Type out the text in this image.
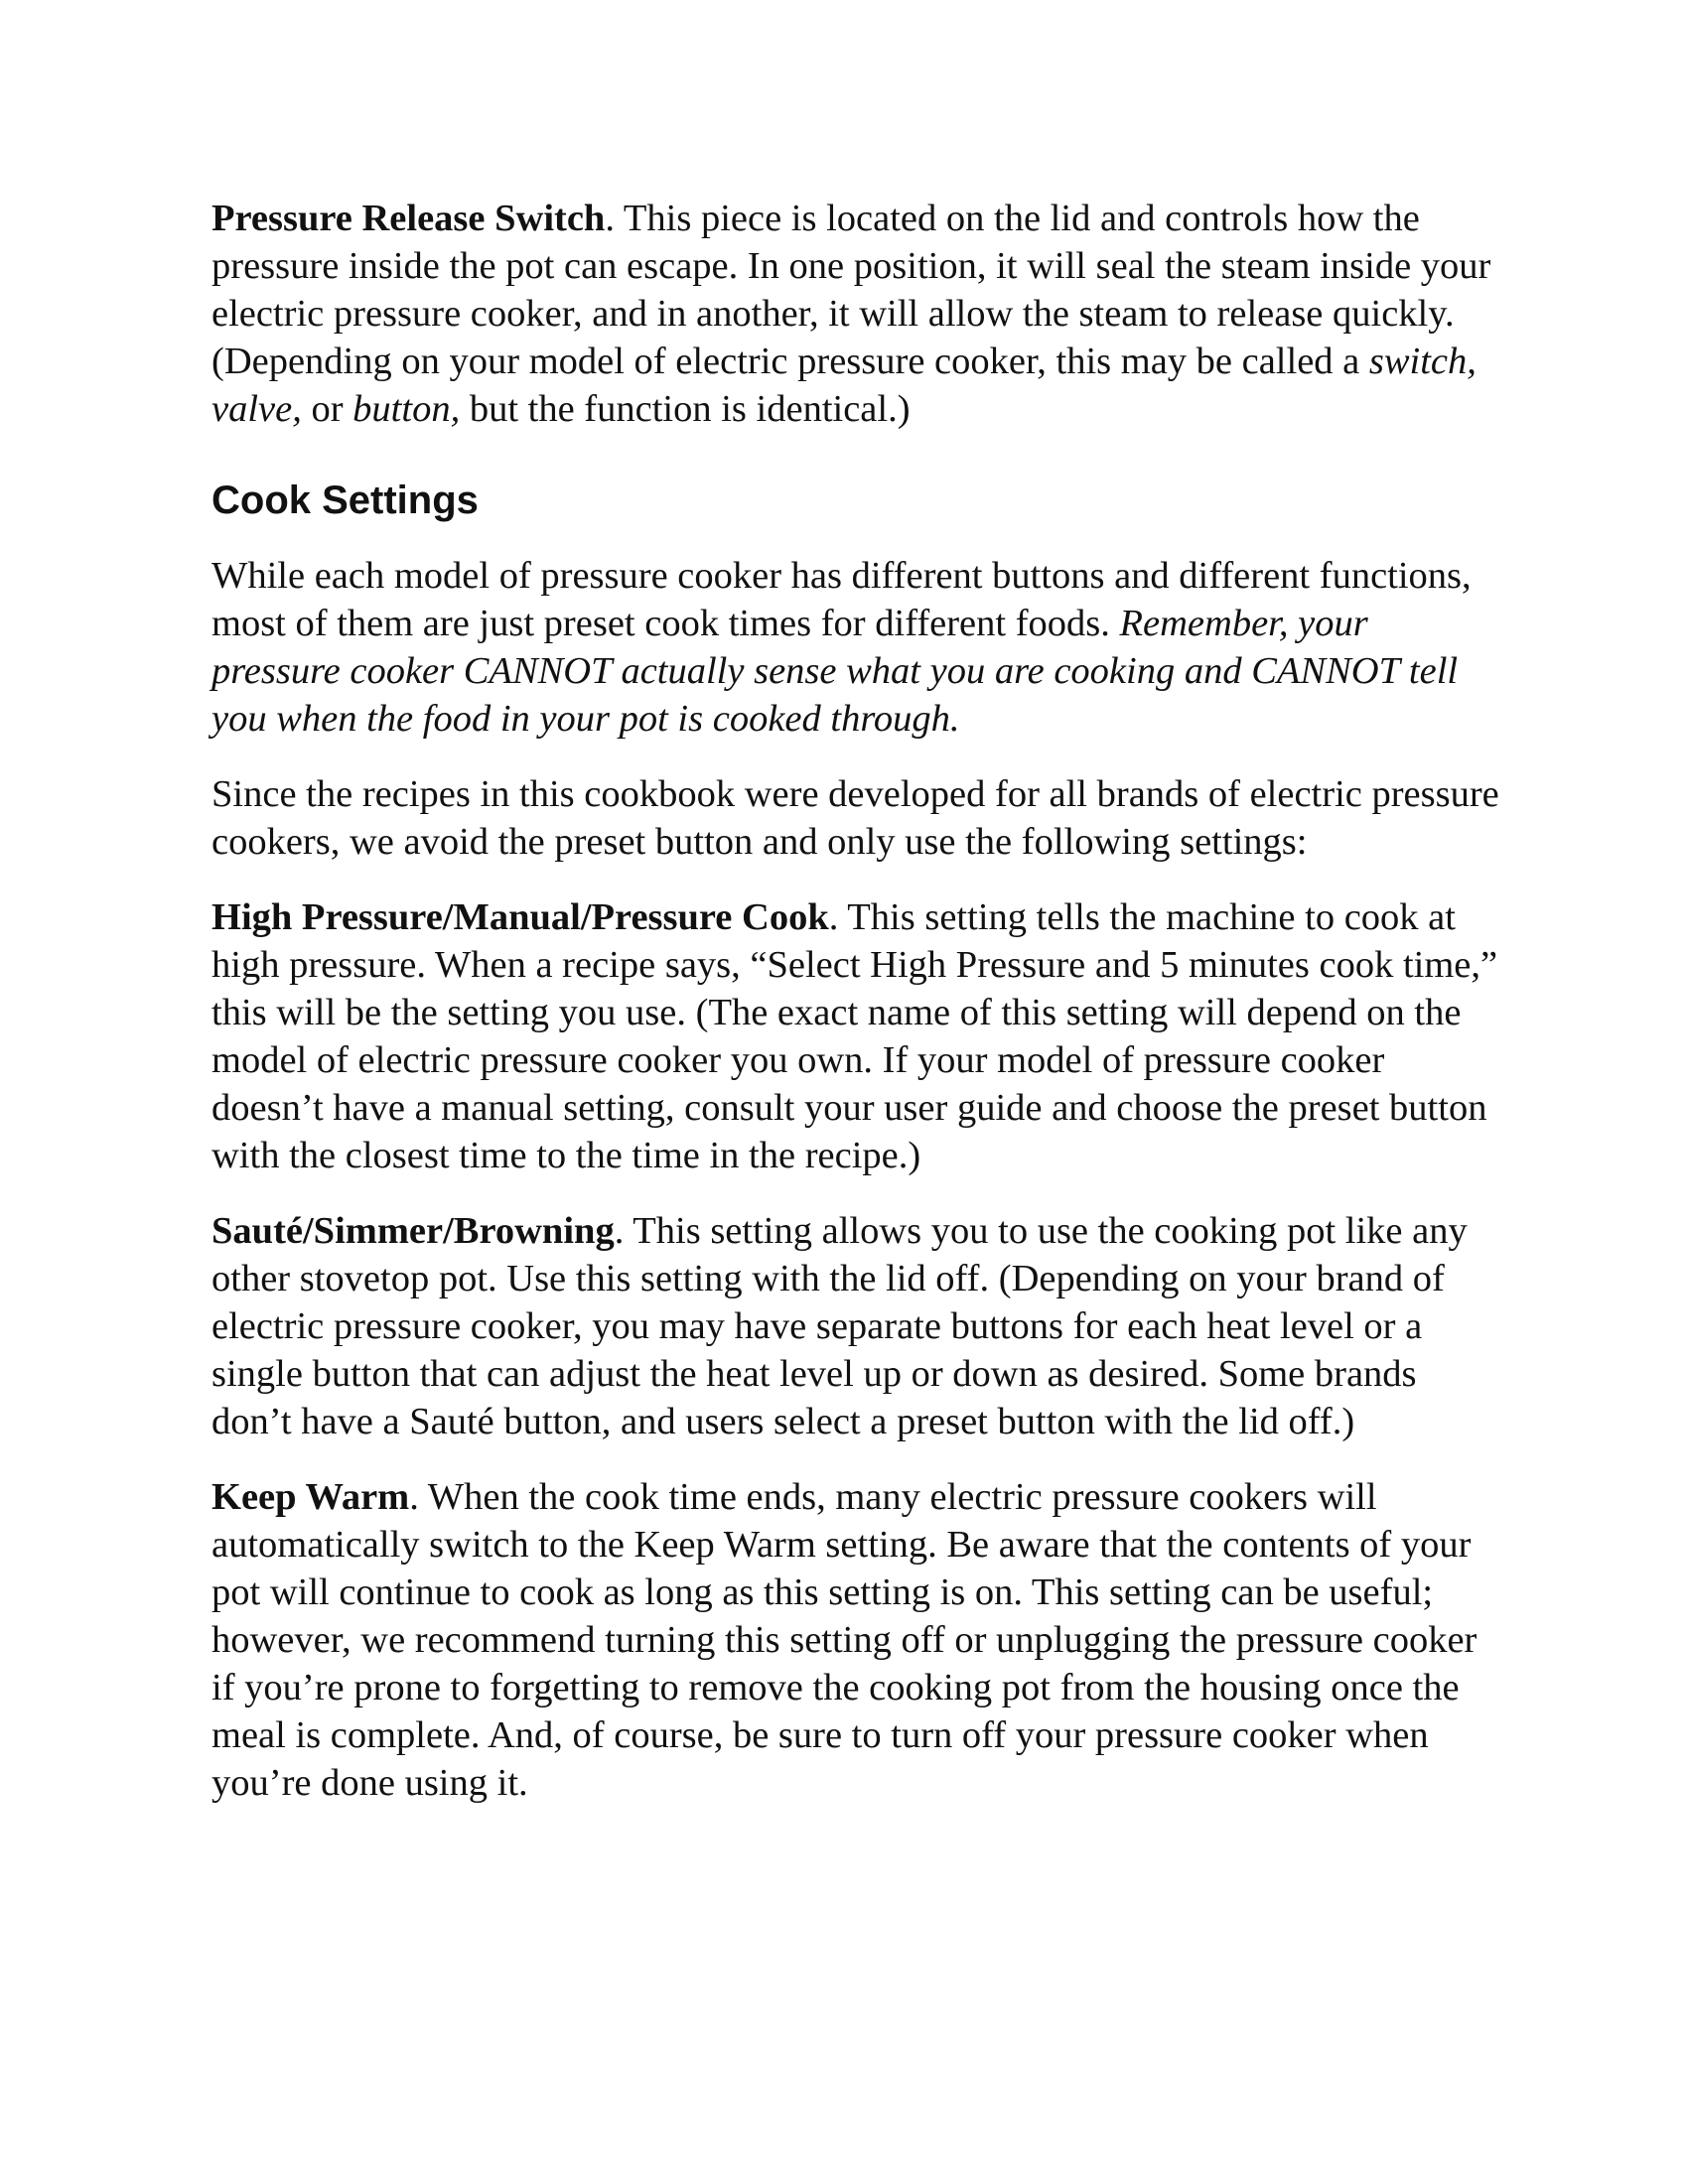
Pressure Release Switch. This piece is located on the lid and controls how the pressure inside the pot can escape. In one position, it will seal the steam inside your electric pressure cooker, and in another, it will allow the steam to release quickly. (Depending on your model of electric pressure cooker, this may be called a switch, valve, or button, but the function is identical.)

Cook Settings

While each model of pressure cooker has different buttons and different functions, most of them are just preset cook times for different foods. Remember, your pressure cooker CANNOT actually sense what you are cooking and CANNOT tell you when the food in your pot is cooked through.

Since the recipes in this cookbook were developed for all brands of electric pressure cookers, we avoid the preset button and only use the following settings:

High Pressure/Manual/Pressure Cook. This setting tells the machine to cook at high pressure. When a recipe says, “Select High Pressure and 5 minutes cook time,” this will be the setting you use. (The exact name of this setting will depend on the model of electric pressure cooker you own. If your model of pressure cooker doesn’t have a manual setting, consult your user guide and choose the preset button with the closest time to the time in the recipe.)

Sauté/Simmer/Browning. This setting allows you to use the cooking pot like any other stovetop pot. Use this setting with the lid off. (Depending on your brand of electric pressure cooker, you may have separate buttons for each heat level or a single button that can adjust the heat level up or down as desired. Some brands don’t have a Sauté button, and users select a preset button with the lid off.)

Keep Warm. When the cook time ends, many electric pressure cookers will automatically switch to the Keep Warm setting. Be aware that the contents of your pot will continue to cook as long as this setting is on. This setting can be useful; however, we recommend turning this setting off or unplugging the pressure cooker if you’re prone to forgetting to remove the cooking pot from the housing once the meal is complete. And, of course, be sure to turn off your pressure cooker when you’re done using it.
